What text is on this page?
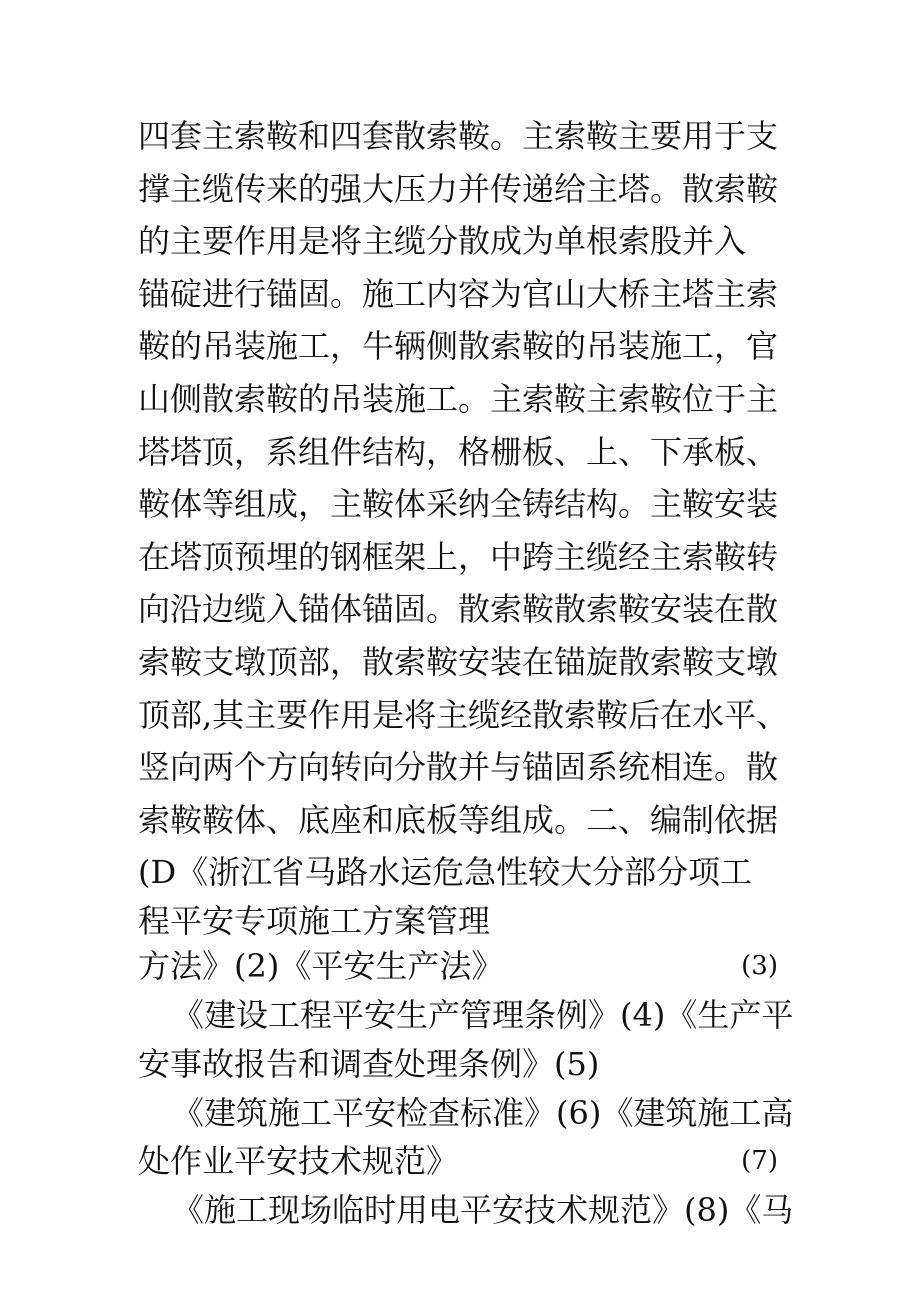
四套主索鞍和四套散索鞍。主索鞍主要用于支
撑主缆传来的强大压力并传递给主塔。散索鞍
的主要作用是将主缆分散成为单根索股并入
锚碇进行锚固。施工内容为官山大桥主塔主索
鞍的吊装施工，牛辆侧散索鞍的吊装施工，官
山侧散索鞍的吊装施工。主索鞍主索鞍位于主
塔塔顶，系组件结构，格栅板、上、下承板、
鞍体等组成，主鞍体采纳全铸结构。主鞍安装
在塔顶预埋的钢框架上，中跨主缆经主索鞍转
向沿边缆入锚体锚固。散索鞍散索鞍安装在散
索鞍支墩顶部，散索鞍安装在锚旋散索鞍支墩
顶部,其主要作用是将主缆经散索鞍后在水平、
竖向两个方向转向分散并与锚固系统相连。散
索鞍鞍体、底座和底板等组成。二、编制依据
(D《浙江省马路水运危急性较大分部分项工
程平安专项施工方案管理
方法》(2)《平安生产法》	(3)
《建设工程平安生产管理条例》(4)《生产平
安事故报告和调查处理条例》(5)
《建筑施工平安检查标准》(6)《建筑施工高
处作业平安技术规范》	(7)
《施工现场临时用电平安技术规范》(8)《马
